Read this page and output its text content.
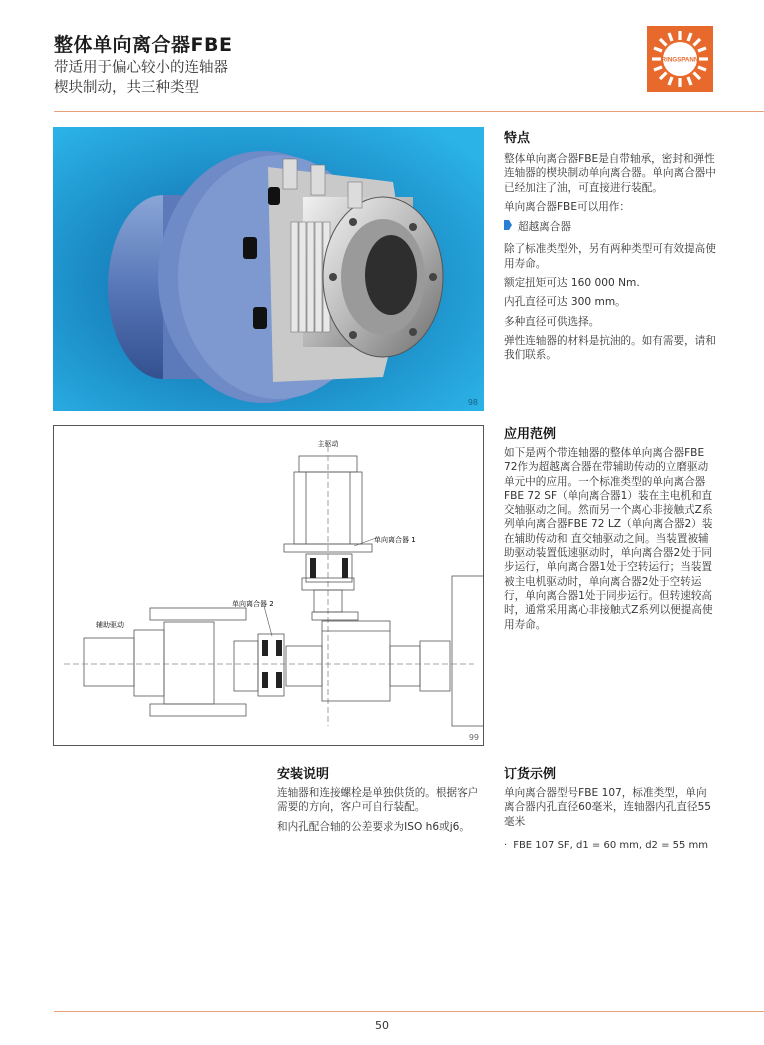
整体单向离合器FBE
带适用于偏心较小的连轴器
楔块制动，共三种类型
RINGSPANN
98
主驱动
单向离合器 1
单向离合器 2
辅助驱动
99
特点

整体单向离合器FBE是自带轴承，密封和弹性连轴器的楔块制动单向离合器。单向离合器中已经加注了油，可直接进行装配。

单向离合器FBE可以用作：

超越离合器

除了标准类型外，另有两种类型可有效提高使用寿命。

额定扭矩可达 160 000 Nm.

内孔直径可达 300 mm。

多种直径可供选择。

弹性连轴器的材料是抗油的。如有需要，请和我们联系。

应用范例
如下是两个带连轴器的整体单向离合器FBE 72作为超越离合器在带辅助传动的立磨驱动单元中的应用。一个标准类型的单向离合器FBE 72 SF（单向离合器1）装在主电机和直交轴驱动之间。然而另一个离心非接触式Z系列单向离合器FBE 72 LZ（单向离合器2）装在辅助传动和 直交轴驱动之间。当装置被辅助驱动装置低速驱动时，单向离合器2处于同步运行，单向离合器1处于空转运行；当装置被主电机驱动时，单向离合器2处于空转运行，单向离合器1处于同步运行。但转速较高时，通常采用离心非接触式Z系列以便提高使用寿命。
安装说明

连轴器和连接螺栓是单独供货的。根据客户需要的方向，客户可自行装配。

和内孔配合轴的公差要求为ISO h6或j6。

订货示例

单向离合器型号FBE 107，标准类型，单向离合器内孔直径60毫米，连轴器内孔直径55毫米

· FBE 107 SF, d1 = 60 mm, d2 = 55 mm

50
